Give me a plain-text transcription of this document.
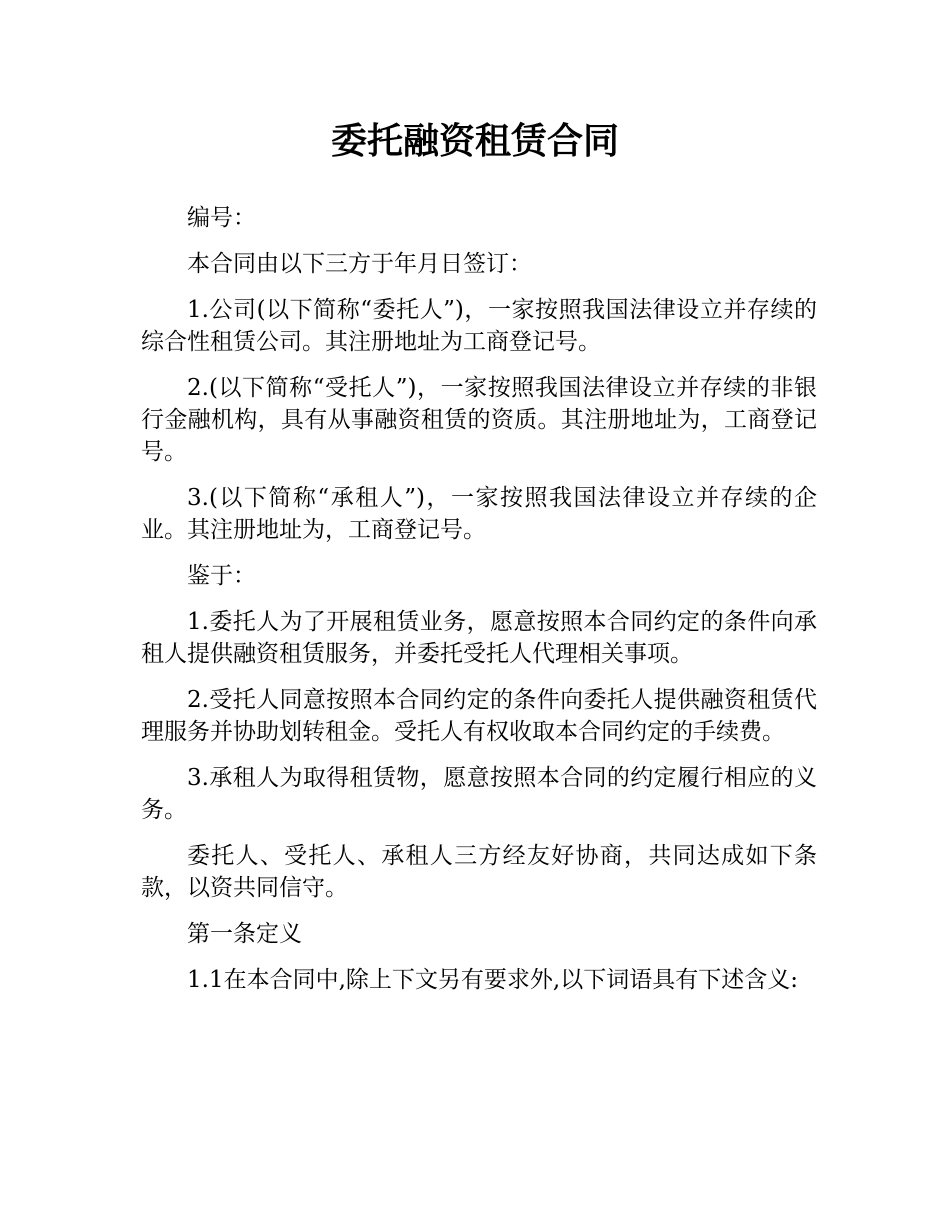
委托融资租赁合同

编号：

本合同由以下三方于年月日签订：

1.公司(以下简称“委托人”)，一家按照我国法律设立并存续的综合性租赁公司。其注册地址为工商登记号。

2.(以下简称“受托人”)，一家按照我国法律设立并存续的非银行金融机构，具有从事融资租赁的资质。其注册地址为，工商登记号。

3.(以下简称“承租人”)，一家按照我国法律设立并存续的企业。其注册地址为，工商登记号。

鉴于：

1.委托人为了开展租赁业务，愿意按照本合同约定的条件向承租人提供融资租赁服务，并委托受托人代理相关事项。

2.受托人同意按照本合同约定的条件向委托人提供融资租赁代理服务并协助划转租金。受托人有权收取本合同约定的手续费。

3.承租人为取得租赁物，愿意按照本合同的约定履行相应的义务。

委托人、受托人、承租人三方经友好协商，共同达成如下条款，以资共同信守。

第一条定义

1.1在本合同中,除上下文另有要求外,以下词语具有下述含义:
